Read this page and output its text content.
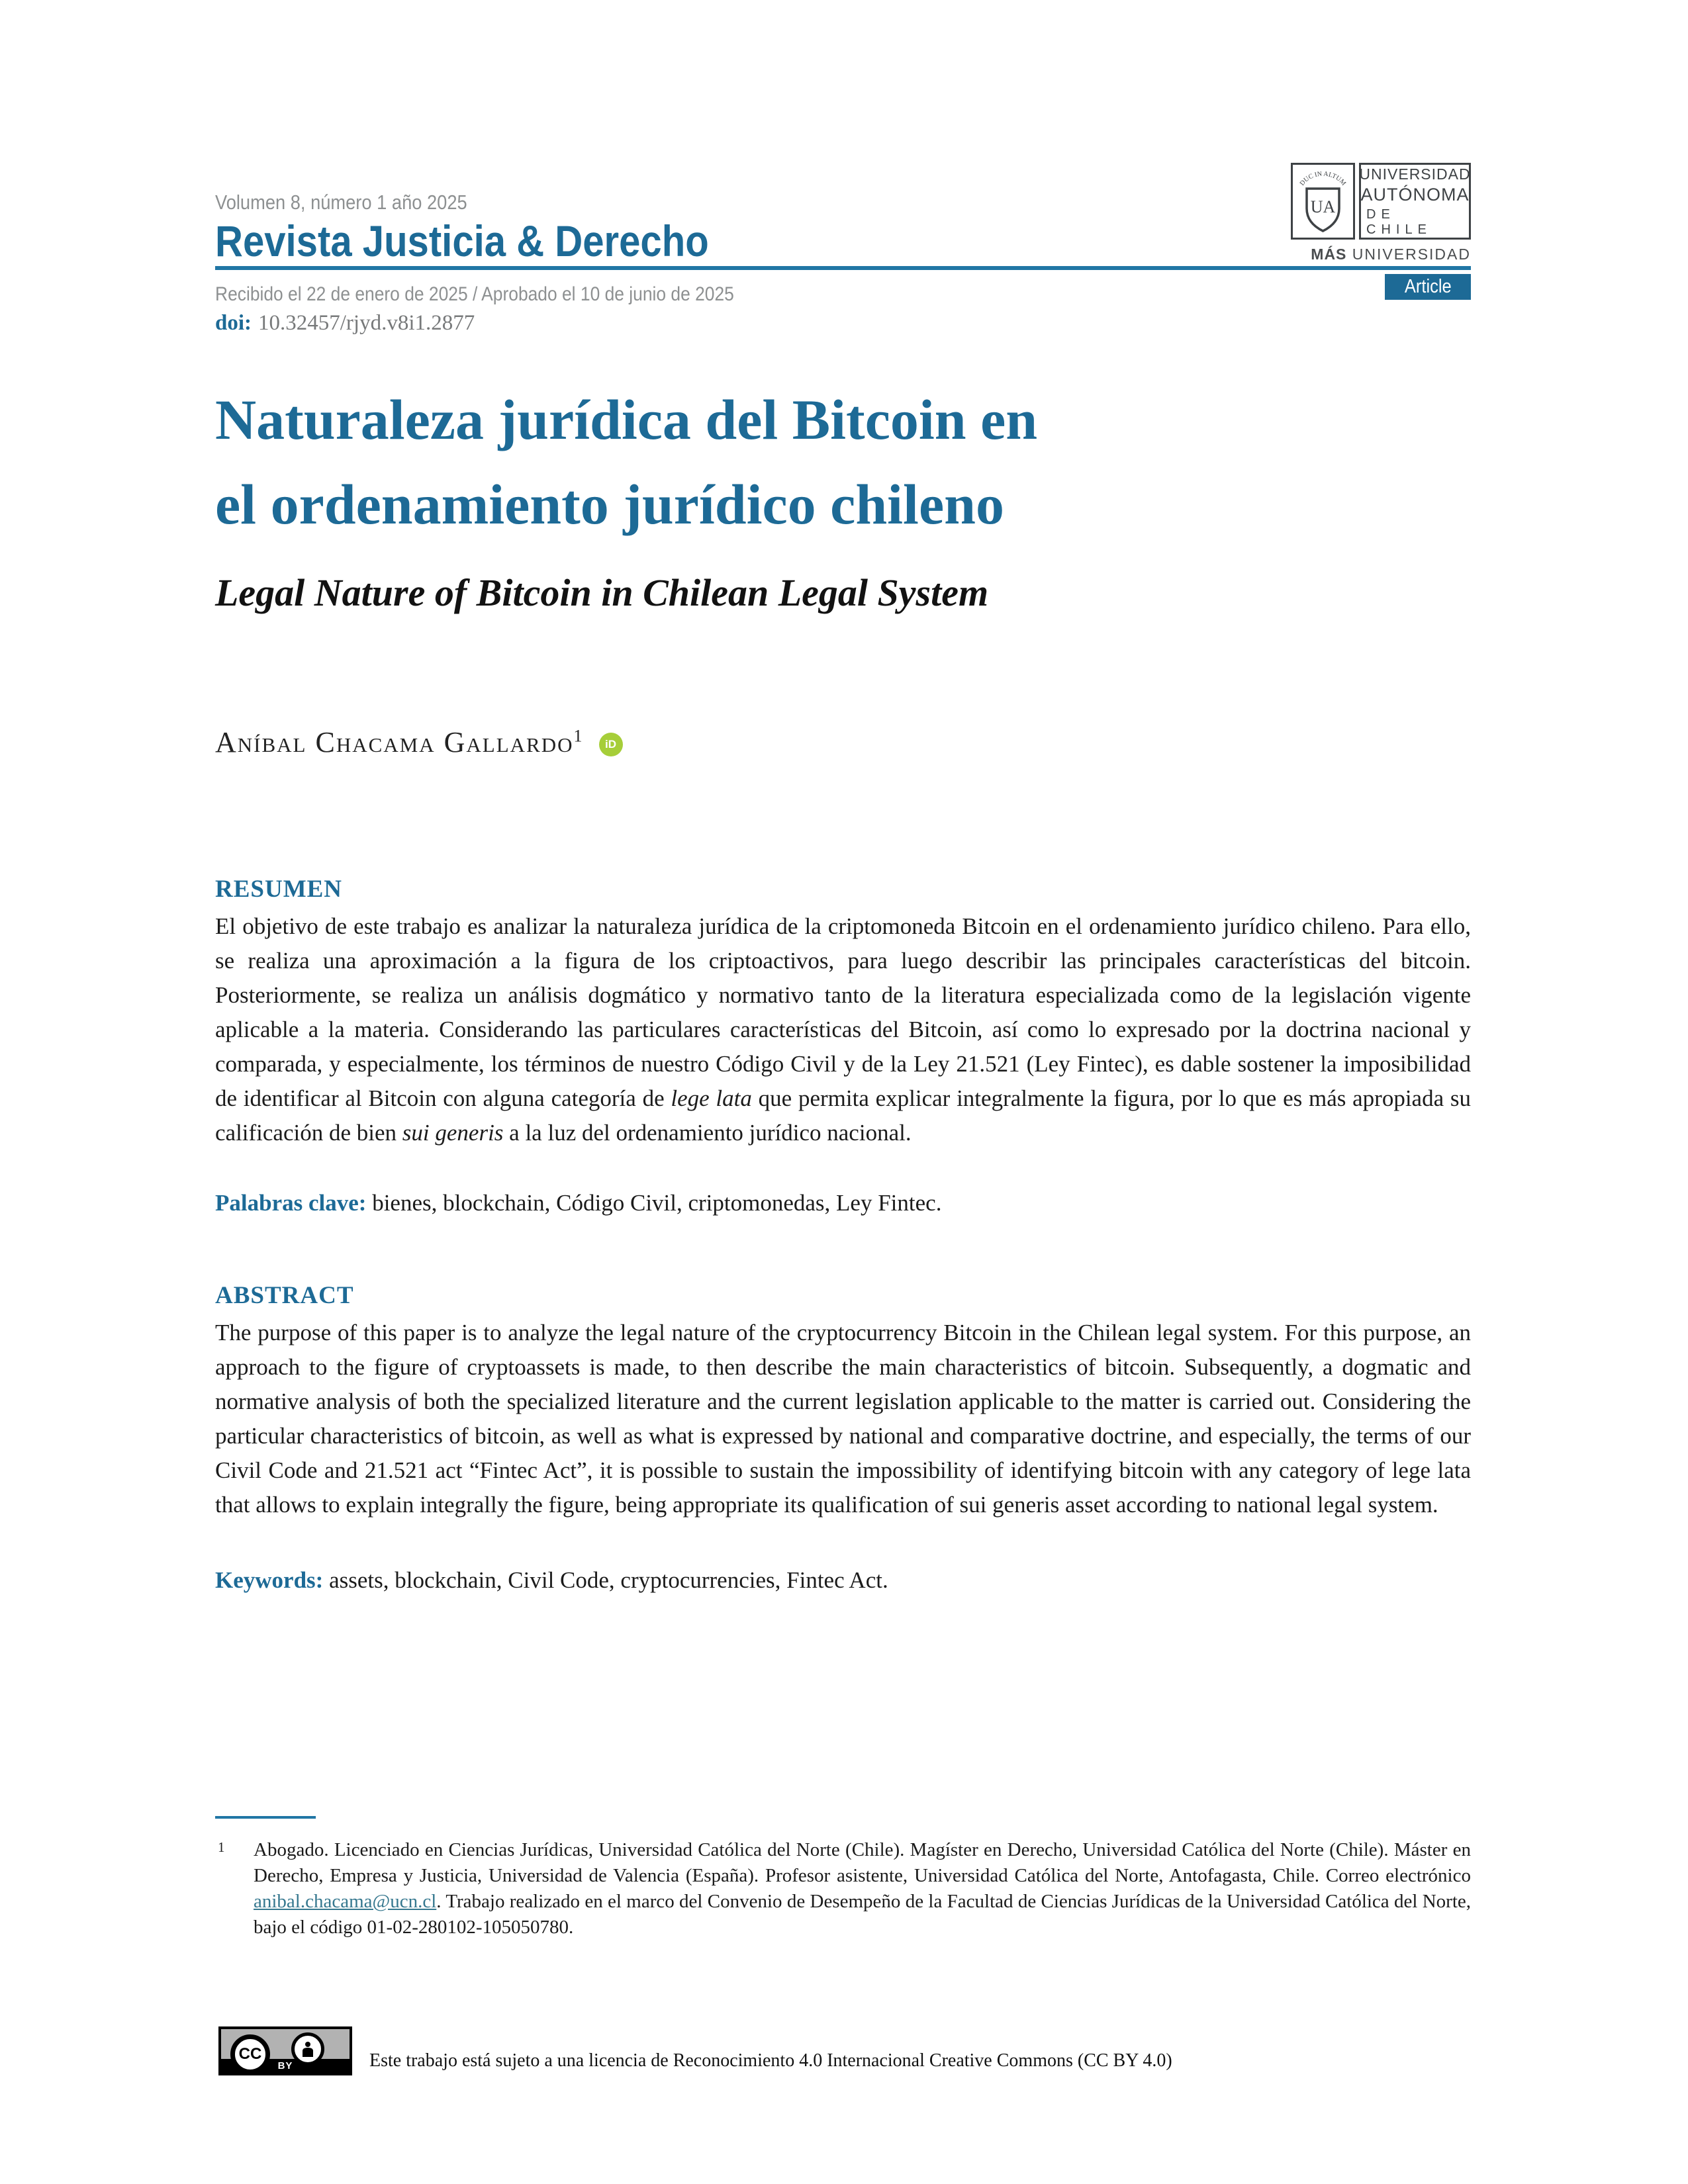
Volumen 8, número 1 año 2025
Revista Justicia & Derecho
Recibido el 22 de enero de 2025 / Aprobado el 10 de junio de 2025
doi: 10.32457/rjyd.v8i1.2877
DUC IN ALTUM
UA
UNIVERSIDAD
AUTÓNOMA
DE CHILE
MÁS UNIVERSIDAD
Article
Naturaleza jurídica del Bitcoin en
el ordenamiento jurídico chileno
Legal Nature of Bitcoin in Chilean Legal System
Aníbal Chacama Gallardo$^1$ iD
RESUMEN

El objetivo de este trabajo es analizar la naturaleza jurídica de la criptomoneda Bitcoin en el ordenamiento jurídico chileno. Para ello, se realiza una aproximación a la figura de los criptoactivos, para luego describir las principales características del bitcoin. Posteriormente, se realiza un análisis dogmático y normativo tanto de la literatura especializada como de la legislación vigente aplicable a la materia. Considerando las particulares características del Bitcoin, así como lo expresado por la doctrina nacional y comparada, y especialmente, los términos de nuestro Código Civil y de la Ley 21.521 (Ley Fintec), es dable sostener la imposibilidad de identificar al Bitcoin con alguna categoría de lege lata que permita explicar integralmente la figura, por lo que es más apropiada su calificación de bien sui generis a la luz del ordenamiento jurídico nacional.

Palabras clave: bienes, blockchain, Código Civil, criptomonedas, Ley Fintec.

ABSTRACT

The purpose of this paper is to analyze the legal nature of the cryptocurrency Bitcoin in the Chilean legal system. For this purpose, an approach to the figure of cryptoassets is made, to then describe the main characteristics of bitcoin. Subsequently, a dogmatic and normative analysis of both the specialized literature and the current legislation applicable to the matter is carried out. Considering the particular characteristics of bitcoin, as well as what is expressed by national and comparative doctrine, and especially, the terms of our Civil Code and 21.521 act “Fintec Act”, it is possible to sustain the impossibility of identifying bitcoin with any category of lege lata that allows to explain integrally the figure, being appropriate its qualification of sui generis asset according to national legal system.

Keywords: assets, blockchain, Civil Code, cryptocurrencies, Fintec Act.

1 Abogado. Licenciado en Ciencias Jurídicas, Universidad Católica del Norte (Chile). Magíster en Derecho, Universidad Católica del Norte (Chile). Máster en Derecho, Empresa y Justicia, Universidad de Valencia (España). Profesor asistente, Universidad Católica del Norte, Antofagasta, Chile. Correo electrónico anibal.chacama@ucn.cl. Trabajo realizado en el marco del Convenio de Desempeño de la Facultad de Ciencias Jurídicas de la Universidad Católica del Norte, bajo el código 01-02-280102-105050780.
CC
BY	Este trabajo está sujeto a una licencia de Reconocimiento 4.0 Internacional Creative Commons (CC BY 4.0)
